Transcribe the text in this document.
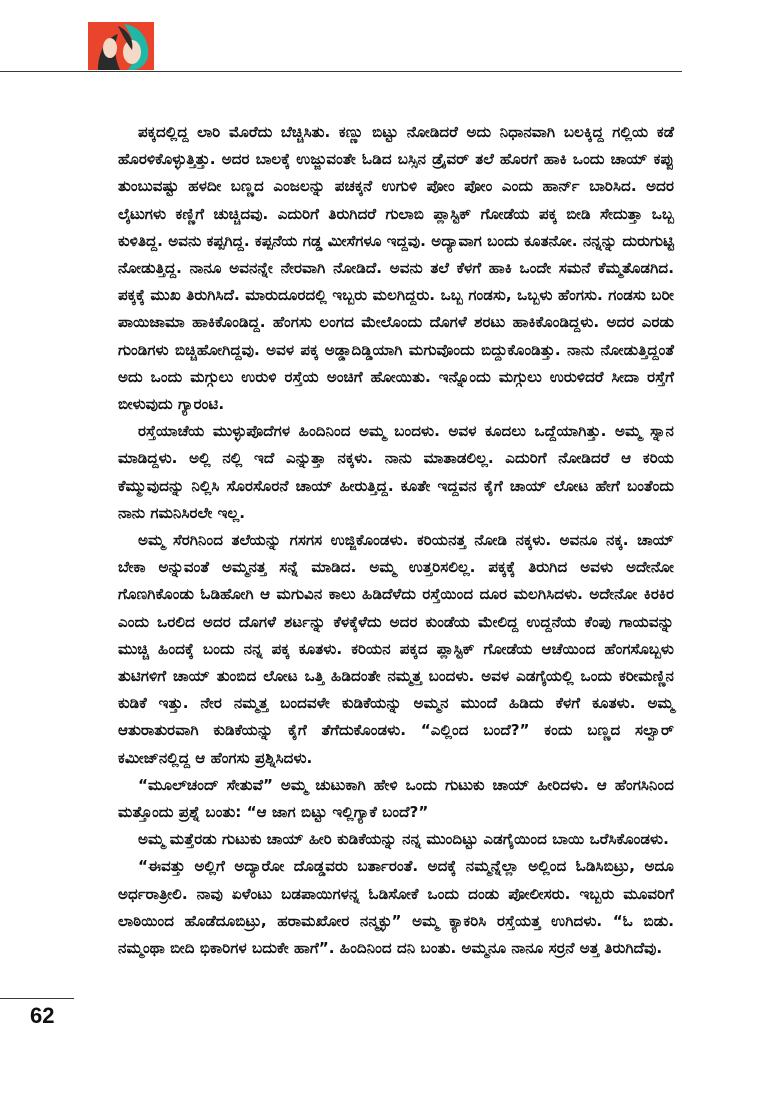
ಪಕ್ಕದಲ್ಲಿದ್ದ ಲಾರಿ ಮೊರೆದು ಬೆಚ್ಚಿಸಿತು. ಕಣ್ಣು ಬಿಟ್ಟು ನೋಡಿದರೆ ಅದು ನಿಧಾನವಾಗಿ ಬಲಕ್ಕಿದ್ದ ಗಲ್ಲಿಯ ಕಡೆ ಹೊರಳಿಕೊಳ್ಳುತ್ತಿತ್ತು. ಅದರ ಬಾಲಕ್ಕೆ ಉಜ್ಜುವಂತೇ ಓಡಿದ ಬಸ್ಸಿನ ಡ್ರೈವರ್ ತಲೆ ಹೊರಗೆ ಹಾಕಿ ಒಂದು ಚಾಯ್ ಕಪ್ಪು ತುಂಬುವಷ್ಟು ಹಳದೀ ಬಣ್ಣದ ಎಂಜಲನ್ನು ಪಚಕ್ಕನೆ ಉಗುಳಿ ಪೋಂ ಪೋಂ ಎಂದು ಹಾರ್ನ್ ಬಾರಿಸಿದ. ಅದರ ಲೈಟುಗಳು ಕಣ್ಣಿಗೆ ಚುಚ್ಚಿದವು. ಎದುರಿಗೆ ತಿರುಗಿದರೆ ಗುಲಾಬಿ ಪ್ಲಾಸ್ಟಿಕ್ ಗೋಡೆಯ ಪಕ್ಕ ಬೀಡಿ ಸೇದುತ್ತಾ ಒಬ್ಬ ಕುಳಿತಿದ್ದ. ಅವನು ಕಪ್ಪಗಿದ್ದ. ಕಪ್ಪನೆಯ ಗಡ್ಡ ಮೀಸೆಗಳೂ ಇದ್ದವು. ಅದ್ಯಾವಾಗ ಬಂದು ಕೂತನೋ. ನನ್ನನ್ನು ದುರುಗುಟ್ಟಿ ನೋಡುತ್ತಿದ್ದ. ನಾನೂ ಅವನನ್ನೇ ನೇರವಾಗಿ ನೋಡಿದೆ. ಅವನು ತಲೆ ಕೆಳಗೆ ಹಾಕಿ ಒಂದೇ ಸಮನೆ ಕೆಮ್ಮತೊಡಗಿದ. ಪಕ್ಕಕ್ಕೆ ಮುಖ ತಿರುಗಿಸಿದೆ. ಮಾರುದೂರದಲ್ಲಿ ಇಬ್ಬರು ಮಲಗಿದ್ದರು. ಒಬ್ಬ ಗಂಡಸು, ಒಬ್ಬಳು ಹೆಂಗಸು. ಗಂಡಸು ಬರೀ ಪಾಯಿಜಾಮಾ ಹಾಕಿಕೊಂಡಿದ್ದ. ಹೆಂಗಸು ಲಂಗದ ಮೇಲೊಂದು ದೊಗಳೆ ಶರಟು ಹಾಕಿಕೊಂಡಿದ್ದಳು. ಅದರ ಎರಡು ಗುಂಡಿಗಳು ಬಿಚ್ಚಿಹೋಗಿದ್ದವು. ಅವಳ ಪಕ್ಕ ಅಡ್ಡಾದಿಡ್ಡಿಯಾಗಿ ಮಗುವೊಂದು ಬಿದ್ದುಕೊಂಡಿತ್ತು. ನಾನು ನೋಡುತ್ತಿದ್ದಂತೆ ಅದು ಒಂದು ಮಗ್ಗುಲು ಉರುಳಿ ರಸ್ತೆಯ ಅಂಚಿಗೆ ಹೋಯಿತು. ಇನ್ನೊಂದು ಮಗ್ಗುಲು ಉರುಳಿದರೆ ಸೀದಾ ರಸ್ತೆಗೆ ಬೀಳುವುದು ಗ್ಯಾರಂಟಿ.

ರಸ್ತೆಯಾಚೆಯ ಮುಳ್ಳುಪೊದೆಗಳ ಹಿಂದಿನಿಂದ ಅಮ್ಮ ಬಂದಳು. ಅವಳ ಕೂದಲು ಒದ್ದೆಯಾಗಿತ್ತು. ಅಮ್ಮ ಸ್ನಾನ ಮಾಡಿದ್ದಳು. ಅಲ್ಲಿ ನಲ್ಲಿ ಇದೆ ಎನ್ನುತ್ತಾ ನಕ್ಕಳು. ನಾನು ಮಾತಾಡಲಿಲ್ಲ. ಎದುರಿಗೆ ನೋಡಿದರೆ ಆ ಕರಿಯ ಕೆಮ್ಮುವುದನ್ನು ನಿಲ್ಲಿಸಿ ಸೊರಸೊರನೆ ಚಾಯ್ ಹೀರುತ್ತಿದ್ದ. ಕೂತೇ ಇದ್ದವನ ಕೈಗೆ ಚಾಯ್ ಲೋಟ ಹೇಗೆ ಬಂತೆಂದು ನಾನು ಗಮನಿಸಿರಲೇ ಇಲ್ಲ.

ಅಮ್ಮ ಸೆರಗಿನಿಂದ ತಲೆಯನ್ನು ಗಸಗಸ ಉಜ್ಜಿಕೊಂಡಳು. ಕರಿಯನತ್ತ ನೋಡಿ ನಕ್ಕಳು. ಅವನೂ ನಕ್ಕ. ಚಾಯ್ ಬೇಕಾ ಅನ್ನುವಂತೆ ಅಮ್ಮನತ್ತ ಸನ್ನೆ ಮಾಡಿದ. ಅಮ್ಮ ಉತ್ತರಿಸಲಿಲ್ಲ. ಪಕ್ಕಕ್ಕೆ ತಿರುಗಿದ ಅವಳು ಅದೇನೋ ಗೊಣಗಿಕೊಂಡು ಓಡಿಹೋಗಿ ಆ ಮಗುವಿನ ಕಾಲು ಹಿಡಿದೆಳೆದು ರಸ್ತೆಯಿಂದ ದೂರ ಮಲಗಿಸಿದಳು. ಅದೇನೋ ಕಿರಕಿರ ಎಂದು ಒರಲಿದ ಅದರ ದೊಗಳೆ ಶರ್ಟನ್ನು ಕೆಳಕ್ಕೆಳೆದು ಅದರ ಕುಂಡೆಯ ಮೇಲಿದ್ದ ಉದ್ದನೆಯ ಕೆಂಪು ಗಾಯವನ್ನು ಮುಚ್ಚಿ ಹಿಂದಕ್ಕೆ ಬಂದು ನನ್ನ ಪಕ್ಕ ಕೂತಳು. ಕರಿಯನ ಪಕ್ಕದ ಪ್ಲಾಸ್ಟಿಕ್ ಗೋಡೆಯ ಆಚೆಯಿಂದ ಹೆಂಗಸೊಬ್ಬಳು ತುಟಿಗಳಿಗೆ ಚಾಯ್ ತುಂಬಿದ ಲೋಟ ಒತ್ತಿ ಹಿಡಿದಂತೇ ನಮ್ಮತ್ತ ಬಂದಳು. ಅವಳ ಎಡಗೈಯಲ್ಲಿ ಒಂದು ಕರೀಮಣ್ಣಿನ ಕುಡಿಕೆ ಇತ್ತು. ನೇರ ನಮ್ಮತ್ತ ಬಂದವಳೇ ಕುಡಿಕೆಯನ್ನು ಅಮ್ಮನ ಮುಂದೆ ಹಿಡಿದು ಕೆಳಗೆ ಕೂತಳು. ಅಮ್ಮ ಆತುರಾತುರವಾಗಿ ಕುಡಿಕೆಯನ್ನು ಕೈಗೆ ತೆಗೆದುಕೊಂಡಳು. “ಎಲ್ಲಿಂದ ಬಂದೆ?” ಕಂದು ಬಣ್ಣದ ಸಲ್ವಾರ್ ಕಮೀಜ್‌ನಲ್ಲಿದ್ದ ಆ ಹೆಂಗಸು ಪ್ರಶ್ನಿಸಿದಳು.

“ಮೂಲ್‌ಚಂದ್ ಸೇತುವೆ” ಅಮ್ಮ ಚುಟುಕಾಗಿ ಹೇಳಿ ಒಂದು ಗುಟುಕು ಚಾಯ್ ಹೀರಿದಳು. ಆ ಹೆಂಗಸಿನಿಂದ ಮತ್ತೊಂದು ಪ್ರಶ್ನೆ ಬಂತು: “ಆ ಜಾಗ ಬಿಟ್ಟು ಇಲ್ಲಿಗ್ಯಾಕೆ ಬಂದೆ?”

ಅಮ್ಮ ಮತ್ತೆರಡು ಗುಟುಕು ಚಾಯ್ ಹೀರಿ ಕುಡಿಕೆಯನ್ನು ನನ್ನ ಮುಂದಿಟ್ಟು ಎಡಗೈಯಿಂದ ಬಾಯಿ ಒರೆಸಿಕೊಂಡಳು.

“ಈವತ್ತು ಅಲ್ಲಿಗೆ ಅದ್ಯಾರೋ ದೊಡ್ಡವರು ಬರ್ತಾರಂತೆ. ಅದಕ್ಕೆ ನಮ್ಮನ್ನೆಲ್ಲಾ ಅಲ್ಲಿಂದ ಓಡಿಸಿಬಿಟ್ರು, ಅದೂ ಅರ್ಧರಾತ್ರೀಲಿ. ನಾವು ಏಳೆಂಟು ಬಡಪಾಯಿಗಳನ್ನ ಓಡಿಸೋಕೆ ಒಂದು ದಂಡು ಪೋಲೀಸರು. ಇಬ್ಬರು ಮೂವರಿಗೆ ಲಾಠಿಯಿಂದ ಹೊಡೆದೂಬಿಟ್ರು, ಹರಾಮಖೋರ ನನ್ಮಕ್ಳು” ಅಮ್ಮ ಕ್ಯಾಕರಿಸಿ ರಸ್ತೆಯತ್ತ ಉಗಿದಳು. “ಓ ಬಿಡು. ನಮ್ಮಂಥಾ ಬೀದಿ ಭಿಕಾರಿಗಳ ಬದುಕೇ ಹಾಗೆ”. ಹಿಂದಿನಿಂದ ದನಿ ಬಂತು. ಅಮ್ಮನೂ ನಾನೂ ಸರ್ರನೆ ಅತ್ತ ತಿರುಗಿದೆವು.

62
